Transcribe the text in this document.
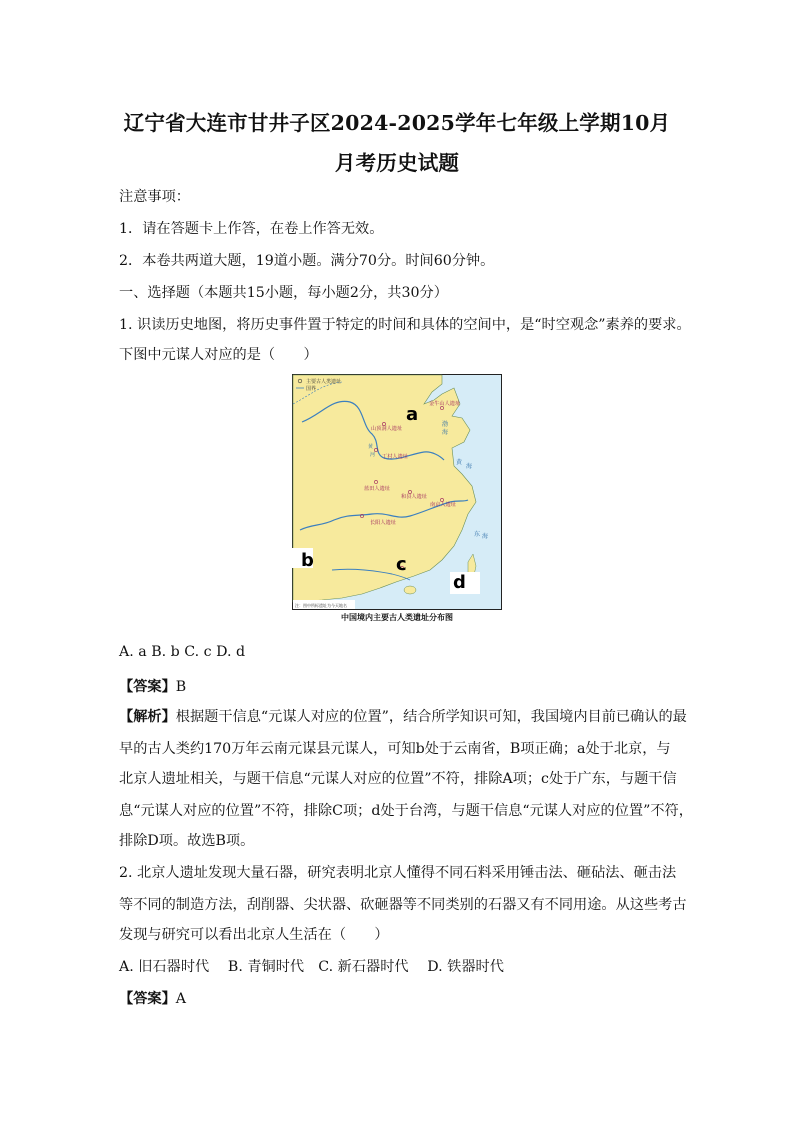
辽宁省大连市甘井子区2024-2025学年七年级上学期10月
月考历史试题
注意事项：
1．请在答题卡上作答，在卷上作答无效。
2．本卷共两道大题，19道小题。满分70分。时间60分钟。
一、选择题（本题共15小题，每小题2分，共30分）
1. 识读历史地图，将历史事件置于特定的时间和具体的空间中，是“时空观念”素养的要求。
下图中元谋人对应的是（　　）
主要古人类遗址
国界
金牛山人遗址
山顶洞人遗址
丁村人遗址
蓝田人遗址
和县人遗址
南京人遗址
长阳人遗址
渤
海
黄
海
东 海
黄
河
a
b	c
d
注：图中所标遗址为今天地名
中国境内主要古人类遗址分布图
A. a B. b C. c D. d
【答案】B
【解析】根据题干信息“元谋人对应的位置”，结合所学知识可知，我国境内目前已确认的最
早的古人类约170万年云南元谋县元谋人，可知b处于云南省，B项正确；a处于北京，与
北京人遗址相关，与题干信息“元谋人对应的位置”不符，排除A项；c处于广东，与题干信
息“元谋人对应的位置”不符，排除C项；d处于台湾，与题干信息“元谋人对应的位置”不符，
排除D项。故选B项。
2. 北京人遗址发现大量石器，研究表明北京人懂得不同石料采用锤击法、砸砧法、砸击法
等不同的制造方法，刮削器、尖状器、砍砸器等不同类别的石器又有不同用途。从这些考古
发现与研究可以看出北京人生活在（　　）
A. 旧石器时代　 B. 青铜时代　C. 新石器时代　 D. 铁器时代
【答案】A
